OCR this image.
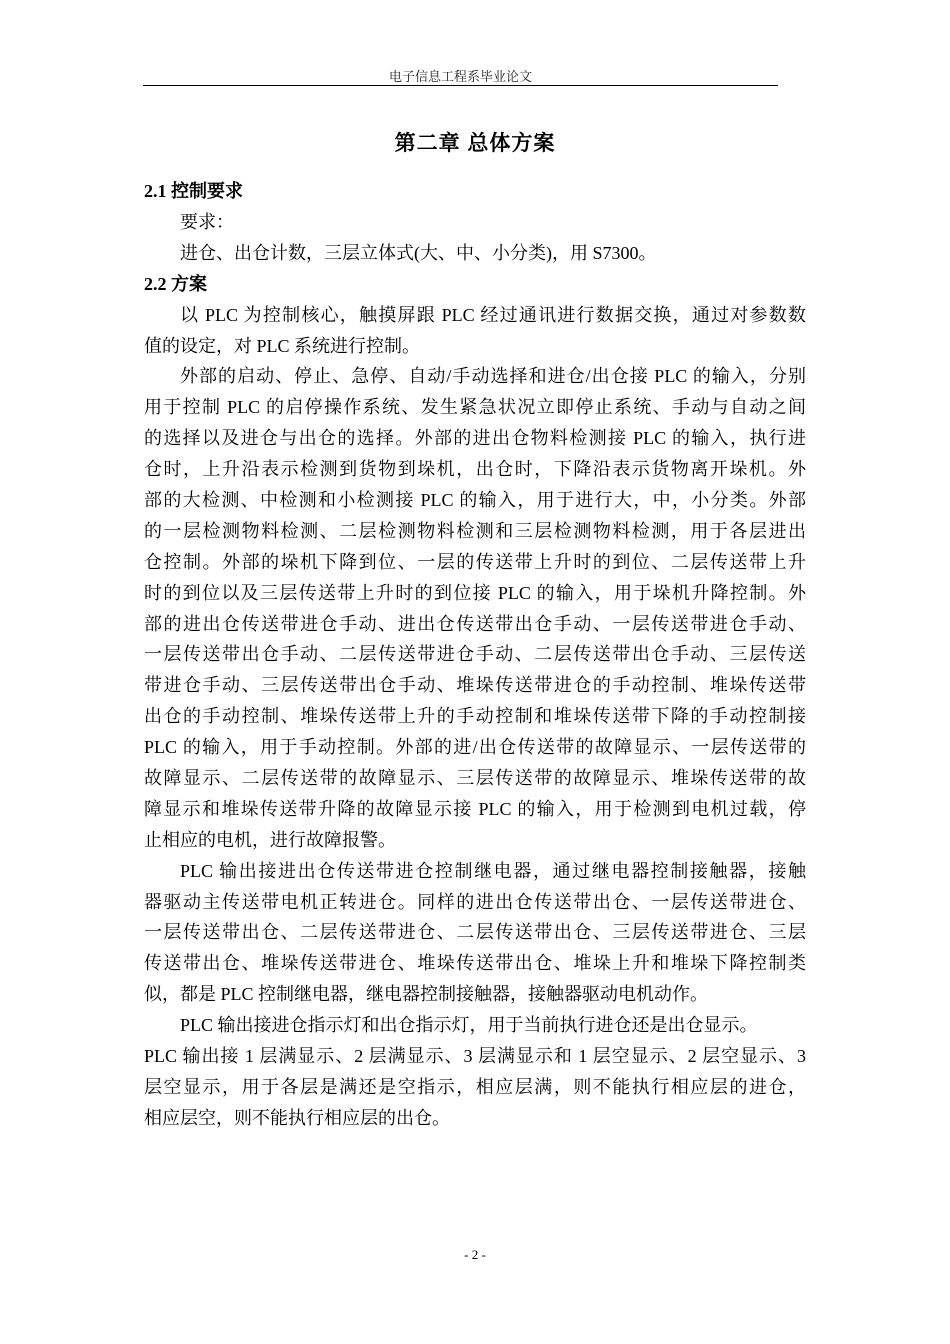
电子信息工程系毕业论文
第二章 总体方案
2.1 控制要求
要求：
进仓、出仓计数，三层立体式(大、中、小分类)，用 S7300。
2.2 方案
以 PLC 为控制核心，触摸屏跟 PLC 经过通讯进行数据交换，通过对参数数
值的设定，对 PLC 系统进行控制。
外部的启动、停止、急停、自动/手动选择和进仓/出仓接 PLC 的输入，分别
用于控制 PLC 的启停操作系统、发生紧急状况立即停止系统、手动与自动之间
的选择以及进仓与出仓的选择。外部的进出仓物料检测接 PLC 的输入，执行进
仓时，上升沿表示检测到货物到垛机，出仓时，下降沿表示货物离开垛机。外
部的大检测、中检测和小检测接 PLC 的输入，用于进行大，中，小分类。外部
的一层检测物料检测、二层检测物料检测和三层检测物料检测，用于各层进出
仓控制。外部的垛机下降到位、一层的传送带上升时的到位、二层传送带上升
时的到位以及三层传送带上升时的到位接 PLC 的输入，用于垛机升降控制。外
部的进出仓传送带进仓手动、进出仓传送带出仓手动、一层传送带进仓手动、
一层传送带出仓手动、二层传送带进仓手动、二层传送带出仓手动、三层传送
带进仓手动、三层传送带出仓手动、堆垛传送带进仓的手动控制、堆垛传送带
出仓的手动控制、堆垛传送带上升的手动控制和堆垛传送带下降的手动控制接
PLC 的输入，用于手动控制。外部的进/出仓传送带的故障显示、一层传送带的
故障显示、二层传送带的故障显示、三层传送带的故障显示、堆垛传送带的故
障显示和堆垛传送带升降的故障显示接 PLC 的输入，用于检测到电机过载，停
止相应的电机，进行故障报警。
PLC 输出接进出仓传送带进仓控制继电器，通过继电器控制接触器，接触
器驱动主传送带电机正转进仓。同样的进出仓传送带出仓、一层传送带进仓、
一层传送带出仓、二层传送带进仓、二层传送带出仓、三层传送带进仓、三层
传送带出仓、堆垛传送带进仓、堆垛传送带出仓、堆垛上升和堆垛下降控制类
似，都是 PLC 控制继电器，继电器控制接触器，接触器驱动电机动作。
PLC 输出接进仓指示灯和出仓指示灯，用于当前执行进仓还是出仓显示。
PLC 输出接 1 层满显示、2 层满显示、3 层满显示和 1 层空显示、2 层空显示、3
层空显示，用于各层是满还是空指示，相应层满，则不能执行相应层的进仓，
相应层空，则不能执行相应层的出仓。
- 2 -
